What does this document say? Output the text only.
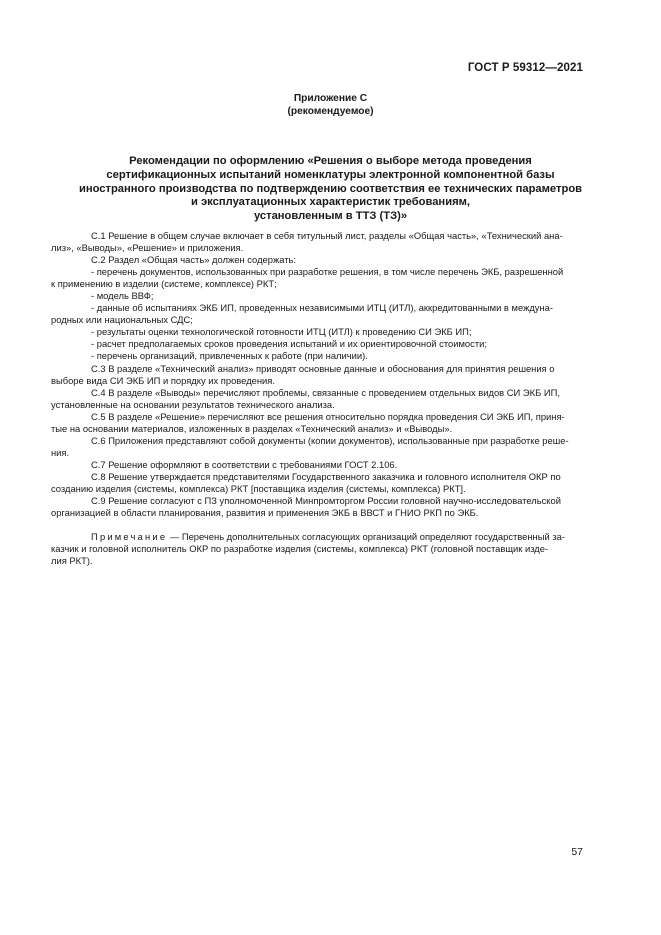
ГОСТ Р 59312—2021
Приложение С
(рекомендуемое)
Рекомендации по оформлению «Решения о выборе метода проведения
сертификационных испытаний номенклатуры электронной компонентной базы
иностранного производства по подтверждению соответствия ее технических параметров
и эксплуатационных характеристик требованиям,
установленным в ТТЗ (ТЗ)»

С.1 Решение в общем случае включает в себя титульный лист, разделы «Общая часть», «Технический ана-
лиз», «Выводы», «Решение» и приложения.

С.2 Раздел «Общая часть» должен содержать:

- перечень документов, использованных при разработке решения, в том числе перечень ЭКБ, разрешенной
к применению в изделии (системе, комплексе) РКТ;

- модель ВВФ;

- данные об испытаниях ЭКБ ИП, проведенных независимыми ИТЦ (ИТЛ), аккредитованными в междуна-
родных или национальных СДС;

- результаты оценки технологической готовности ИТЦ (ИТЛ) к проведению СИ ЭКБ ИП;

- расчет предполагаемых сроков проведения испытаний и их ориентировочной стоимости;

- перечень организаций, привлеченных к работе (при наличии).

С.3 В разделе «Технический анализ» приводят основные данные и обоснования для принятия решения о
выборе вида СИ ЭКБ ИП и порядку их проведения.

С.4 В разделе «Выводы» перечисляют проблемы, связанные с проведением отдельных видов СИ ЭКБ ИП,
установленные на основании результатов технического анализа.

С.5 В разделе «Решение» перечисляют все решения относительно порядка проведения СИ ЭКБ ИП, приня-
тые на основании материалов, изложенных в разделах «Технический анализ» и «Выводы».

С.6 Приложения представляют собой документы (копии документов), использованные при разработке реше-
ния.

С.7 Решение оформляют в соответствии с требованиями ГОСТ 2.106.

С.8 Решение утверждается представителями Государственного заказчика и головного исполнителя ОКР по
созданию изделия (системы, комплекса) РКТ [поставщика изделия (системы, комплекса) РКТ].

С.9 Решение согласуют с ПЗ уполномоченной Минпромторгом России головной научно-исследовательской
организацией в области планирования, развития и применения ЭКБ в ВВСТ и ГНИО РКП по ЭКБ.

Примечание — Перечень дополнительных согласующих организаций определяют государственный за-
казчик и головной исполнитель ОКР по разработке изделия (системы, комплекса) РКТ (головной поставщик изде-
лия РКТ).

57
